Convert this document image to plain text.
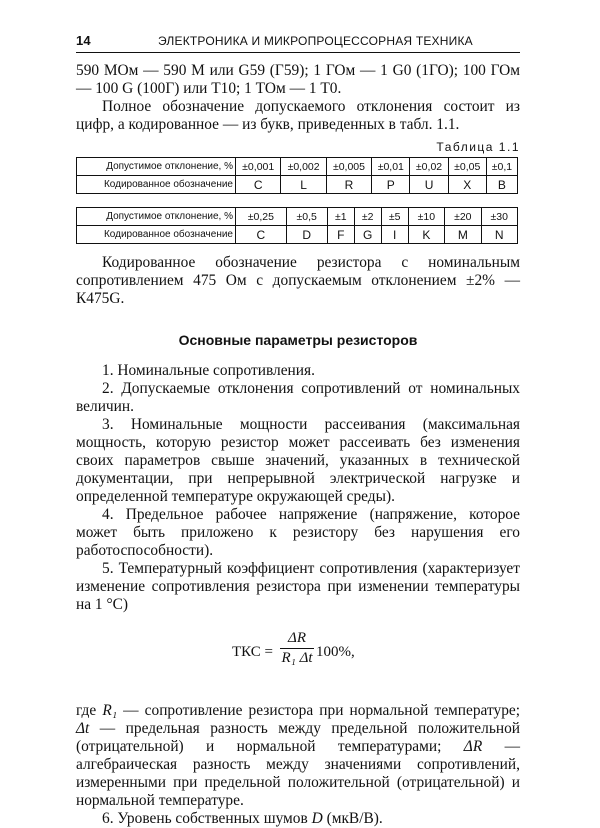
14	ЭЛЕКТРОНИКА И МИКРОПРОЦЕССОРНАЯ ТЕХНИКА

590 МОм — 590 М или G59 (Г59); 1 ГОм — 1 G0 (1ГО); 100 ГОм — 100 G (100Г) или Т10; 1 ТОм — 1 Т0.

Полное обозначение допускаемого отклонения состоит из цифр, а кодированное — из букв, приведенных в табл. 1.1.

Таблица 1.1
Допустимое отклонение, %	±0,001	±0,002	±0,005	±0,01	±0,02	±0,05	±0,1
Кодированное обозначение	C	L	R	P	U	X	B
Допустимое отклонение, %	±0,25	±0,5	±1	±2	±5	±10	±20	±30
Кодированное обозначение	C	D	F	G	I	K	M	N

Кодированное обозначение резистора с номинальным сопротивлением 475 Ом с допускаемым отклонением ±2% — К475G.

Основные параметры резисторов

1. Номинальные сопротивления.

2. Допускаемые отклонения сопротивлений от номинальных величин.

3. Номинальные мощности рассеивания (максимальная мощность, которую резистор может рассеивать без изменения своих параметров свыше значений, указанных в технической документации, при непрерывной электрической нагрузке и определенной температуре окружающей среды).

4. Предельное рабочее напряжение (напряжение, которое может быть приложено к резистору без нарушения его работоспособности).

5. Температурный коэффициент сопротивления (характеризует изменение сопротивления резистора при изменении температуры на 1 °С)

ТКС = $\frac{\Delta R}{\text{R₁ Δt}} 100\%$,

где R₁ — сопротивление резистора при нормальной температуре; Δt — предельная разность между предельной положительной (отрицательной) и нормальной температурами; ΔR — алгебраическая разность между значениями сопротивлений, измеренными при предельной положительной (отрицательной) и нормальной температуре.

6. Уровень собственных шумов D (мкВ/В).
